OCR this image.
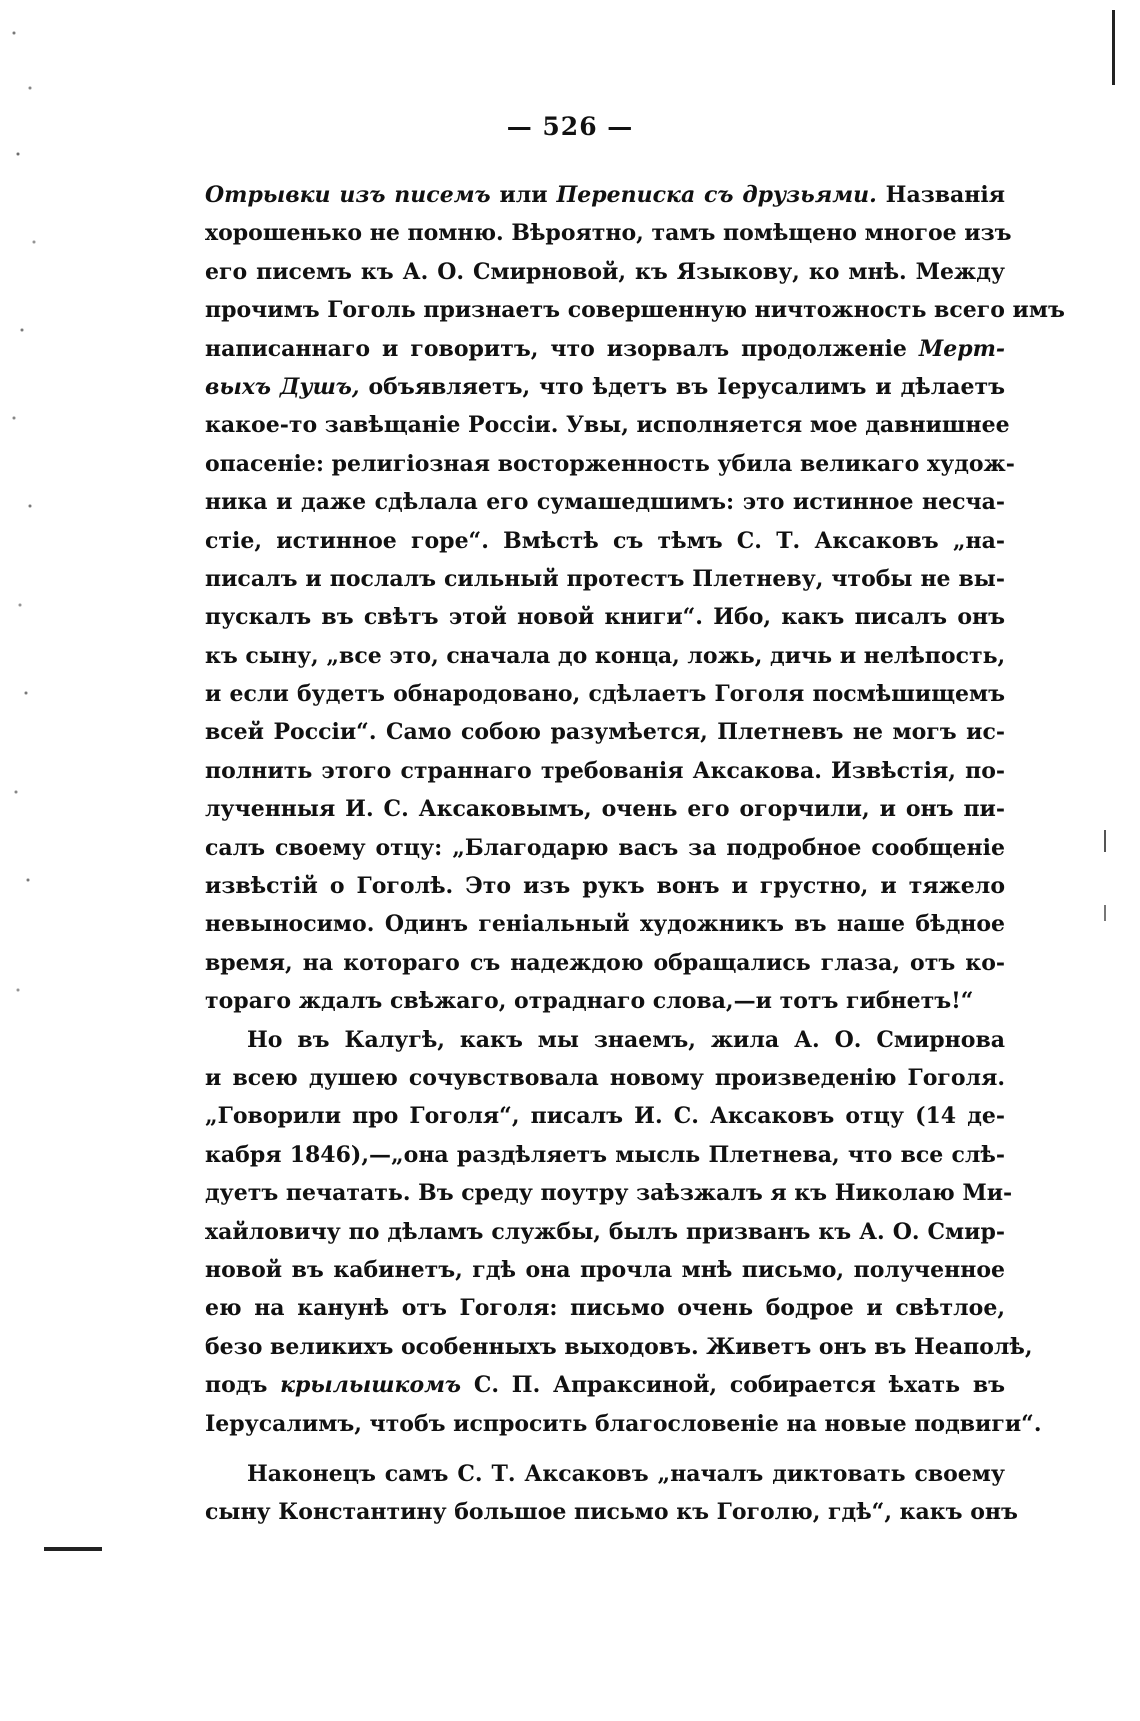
— 526 —
Отрывки изъ писемъ или Переписка съ друзьями. Названія
хорошенько не помню. Вѣроятно, тамъ помѣщено многое изъ
его писемъ къ А. О. Смирновой, къ Языкову, ко мнѣ. Между
прочимъ Гоголь признаетъ совершенную ничтожность всего имъ
написаннаго и говоритъ, что изорвалъ продолженіе Мерт-
выхъ Душъ, объявляетъ, что ѣдетъ въ Іерусалимъ и дѣлаетъ
какое-то завѣщаніе Россіи. Увы, исполняется мое давнишнее
опасеніе: религіозная восторженность убила великаго худож-
ника и даже сдѣлала его сумашедшимъ: это истинное несча-
стіе, истинное горе“. Вмѣстѣ съ тѣмъ С. Т. Аксаковъ „на-
писалъ и послалъ сильный протестъ Плетневу, чтобы не вы-
пускалъ въ свѣтъ этой новой книги“. Ибо, какъ писалъ онъ
къ сыну, „все это, сначала до конца, ложь, дичь и нелѣпость,
и если будетъ обнародовано, сдѣлаетъ Гоголя посмѣшищемъ
всей Россіи“. Само собою разумѣется, Плетневъ не могъ ис-
полнить этого страннаго требованія Аксакова. Извѣстія, по-
лученныя И. С. Аксаковымъ, очень его огорчили, и онъ пи-
салъ своему отцу: „Благодарю васъ за подробное сообщеніе
извѣстій о Гоголѣ. Это изъ рукъ вонъ и грустно, и тяжело
невыносимо. Одинъ геніальный художникъ въ наше бѣдное
время, на котораго съ надеждою обращались глаза, отъ ко-
тораго ждалъ свѣжаго, отраднаго слова,—и тотъ гибнетъ!“
Но въ Калугѣ, какъ мы знаемъ, жила А. О. Смирнова
и всею душею сочувствовала новому произведенію Гоголя.
„Говорили про Гоголя“, писалъ И. С. Аксаковъ отцу (14 де-
кабря 1846),—„она раздѣляетъ мысль Плетнева, что все слѣ-
дуетъ печатать. Въ среду поутру заѣзжалъ я къ Николаю Ми-
хайловичу по дѣламъ службы, былъ призванъ къ А. О. Смир-
новой въ кабинетъ, гдѣ она прочла мнѣ письмо, полученное
ею на канунѣ отъ Гоголя: письмо очень бодрое и свѣтлое,
безо великихъ особенныхъ выходовъ. Живетъ онъ въ Неаполѣ,
подъ крылышкомъ С. П. Апраксиной, собирается ѣхать въ
Іерусалимъ, чтобъ испросить благословеніе на новые подвиги“.
Наконецъ самъ С. Т. Аксаковъ „началъ диктовать своему
сыну Константину большое письмо къ Гоголю, гдѣ“, какъ онъ
